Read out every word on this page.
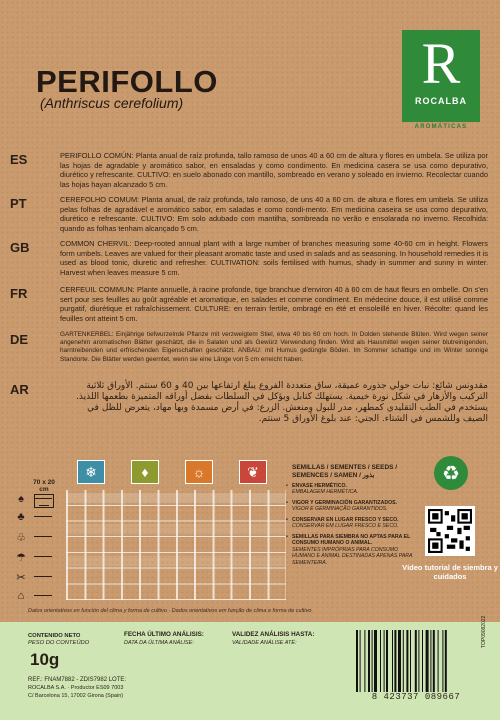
PERIFOLLO
(Anthriscus cerefolium)
R
ROCALBA
AROMÁTICAS
ES	PERIFOLLO COMÚN: Planta anual de raíz profunda, tallo ramoso de unos 40 a 60 cm de altura y flores en umbela. Se utiliza por las hojas de agradable y aromático sabor, en ensaladas y como condimento. En medicina casera se usa como depurativo, diurético y refrescante. CULTIVO: en suelo abonado con mantillo, sombreado en verano y soleado en invierno. Recolectar cuando las hojas hayan alcanzado 5 cm.

PT	CEREFOLHO COMUM: Planta anual, de raíz profunda, talo ramoso, de uns 40 a 60 cm. de altura e flores em umbela. Se utiliza pelas folhas de agradável e aromático sabor, em saladas e como condi-mento. Em medicina caseira se usa como depurativo, diurético e refrescante. CULTIVO: Em solo adubado com mantilha, sombreada no verão e ensolarada no inverno. Recolhida: quando as folhas tenham alcançado 5 cm.

GB	COMMON CHERVIL: Deep-rooted annual plant with a large number of branches measuring some 40-60 cm in height. Flowers form umbels. Leaves are valued for their pleasant aromatic taste and used in salads and as seasoning. In household remedies it is used as blood tonic, diuretic and refresher. CULTIVATION: soils fertilised with humus, shady in summer and sunny in winter. Harvest when leaves measure 5 cm.

FR	CERFEUIL COMMUN: Plante annuelle, à racine profonde, tige branchue d'environ 40 à 60 cm de haut fleurs en ombelle. On s'en sert pour ses feuilles au goût agréable et aromatique, en salades et comme condiment. En médecine douce, il est utilisé comme purgatif, diurétique et rafraîchissement. CULTURE: en terrain fertile, ombragé en été et ensoleillé en hiver. Récolte: quand les feuilles ont atteint 5 cm.

DE	GARTENKERBEL: Einjährige tiefwurzelnde Pflanze mit verzweigtem Stiel, etwa 40 bis 60 cm hoch. In Dolden stehende Blüten. Wird wegen seiner angenehm aromatischen Blätter geschätzt, die in Salaten und als Gewürz Verwendung finden. Wird als Hausmittel wegen seiner blutreinigenden, harntreibenden und erfrischenden Eigenschaften geschätzt. ANBAU: mit Humus gedüngte Böden. Im Sommer schattige und im Winter sonnige Standorte. Die Blätter werden geerntet, wenn sie eine Länge von 5 cm erreicht haben.

AR	مقدونس شائع: نبات حولي جذوره عميقة، ساق متعددة الفروع يبلغ ارتفاعها بين 40 و 60 سنتم. الأوراق ثلاثية التركيب والأزهار في شكل نورة خيمية. يستهلك كتابل ويؤكل في السلطات بفضل أوراقه المتميزة بطعمها اللذيذ. يستخدم في الطب التقليدي كمطهر، مدر للبول ومنعش. الزرع: في أرض مسمدة وبها مهاد، يتعرض للظل في الصيف وللشمس في الشتاء. الجني: عند بلوغ الأوراق 5 سنتم.

70 x 20 cm
❄	♦	☼	❦
♠
♣
♧
☂
✂
⌂
SEMILLAS / SEMENTES / SEEDS /
SEMENCES / SAMEN / بذور
• ENVASE HERMÉTICO.
EMBALAGEM HERMÉTICA.
• VIGOR Y GERMINACIÓN GARANTIZADOS.
VIGOR E GERMINAÇÃO GARANTIDOS.
• CONSERVAR EN LUGAR FRESCO Y SECO.
CONSERVAR EM LUGAR FRESCO E SECO.
• SEMILLAS PARA SIEMBRA NO APTAS PARA EL CONSUMO HUMANO O ANIMAL.
SEMENTES IMPRÓPRIAS PARA CONSUMO HUMANO E ANIMAL DESTINADAS APENAS PARA SEMENTEIRA.
♻
Vídeo tutorial de siembra y cuidados
Datos orientativos en función del clima y forma de cultivo · Dados orientativos em função de clima e forma de cultivo
CONTENIDO NETO
PESO DO CONTEÚDO
10g
REF.: FNAM7882 - ZDIS7982 LOTE:
ROCALBA S.A. · Productor ES09 7003
C/ Barcelona 15, 17002 Girona (Spain)
FECHA ÚLTIMO ANÁLISIS:
DATA DA ÚLTIMA ANÁLISE:
VALIDEZ ANÁLISIS HASTA:
VALIDADE ANÁLISE ATÉ:
8 423737 089667
TOP09082022
